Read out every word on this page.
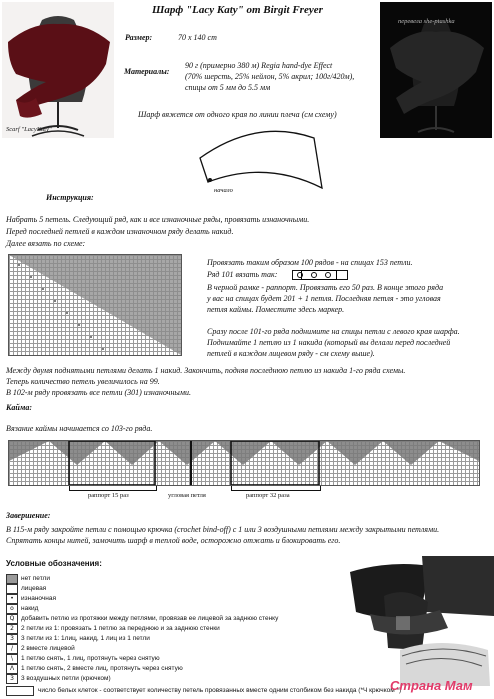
Scarf "LacyKaty"
перевела she-ptashka
Шарф "Lacy Katy" от Birgit Freyer
Размер:	70 х 140 cm
Материалы:
90 г (примерно 380 м) Regia hand-dye Effect
(70% шерсть, 25% нейлон, 5% акрил; 100г/420м),
спицы от 5 мм до 5.5 мм
Шарф вяжется от одного края по линии плеча (см схему)
начало
Инструкция:
Набрать 5 петель. Следующий ряд, как и все изнаночные ряды, провязать изнаночными.
Перед последней петлей в каждом изнаночном ряду делать накид.
Далее вязать по схеме:
Провязать таким образом 100 рядов - на спицах 153 петли.
Ряд 101 вязать так:
В черной рамке - раппорт. Провязать его 50 раз. В конце этого ряда
у вас на спицах будет 201 + 1 петля. Последняя петля - это угловая
петля каймы. Поместите здесь маркер.
Сразу после 101-го ряда поднимите на спицы петли с левого края шарфа.
Поднимайте 1 петлю из 1 накида (который вы делали перед последней
петлей в каждом лицевом ряду - см схему выше).
Между двумя поднятыми петлями делать 1 накид. Закончить, подняв последнюю петлю из накида 1-го ряда схемы.
Теперь количество петель увеличилось на 99.
В 102-м ряду провязать все петли (301) изнаночными.
Кайма:
Вязание каймы начинается со 103-го ряда.
раппорт 15 раз	угловая петля	раппорт 32 раза
Завершение:
В 115-м ряду закройте петли с помощью крючка (crochet bind-off) с 1 или 3 воздушными петлями между закрытыми петлями.
Спрятать концы нитей, замочить шарф в теплой воде, осторожно отжать и блокировать его.
Условные обозначения:
нет петли
лицевая
•	изнаночная
o	накид
Q	добавить петлю из протяжки между петлями, провязав ее лицевой за заднюю стенку
2	2 петли из 1: провязать 1 петлю за переднюю и за заднюю стенки
3	3 петли из 1: 1лиц, накид, 1 лиц из 1 петли
/	2 вместе лицевой
\	1 петлю снять, 1 лиц, протянуть через снятую
Λ	1 петлю снять, 2 вместе лиц, протянуть через снятую
3	3 воздушных петли (крючком)
число белых клеток - соответствует количеству петель провязанных вместе одним столбиком без накида (*Ч крючком *)
Страна Мам
